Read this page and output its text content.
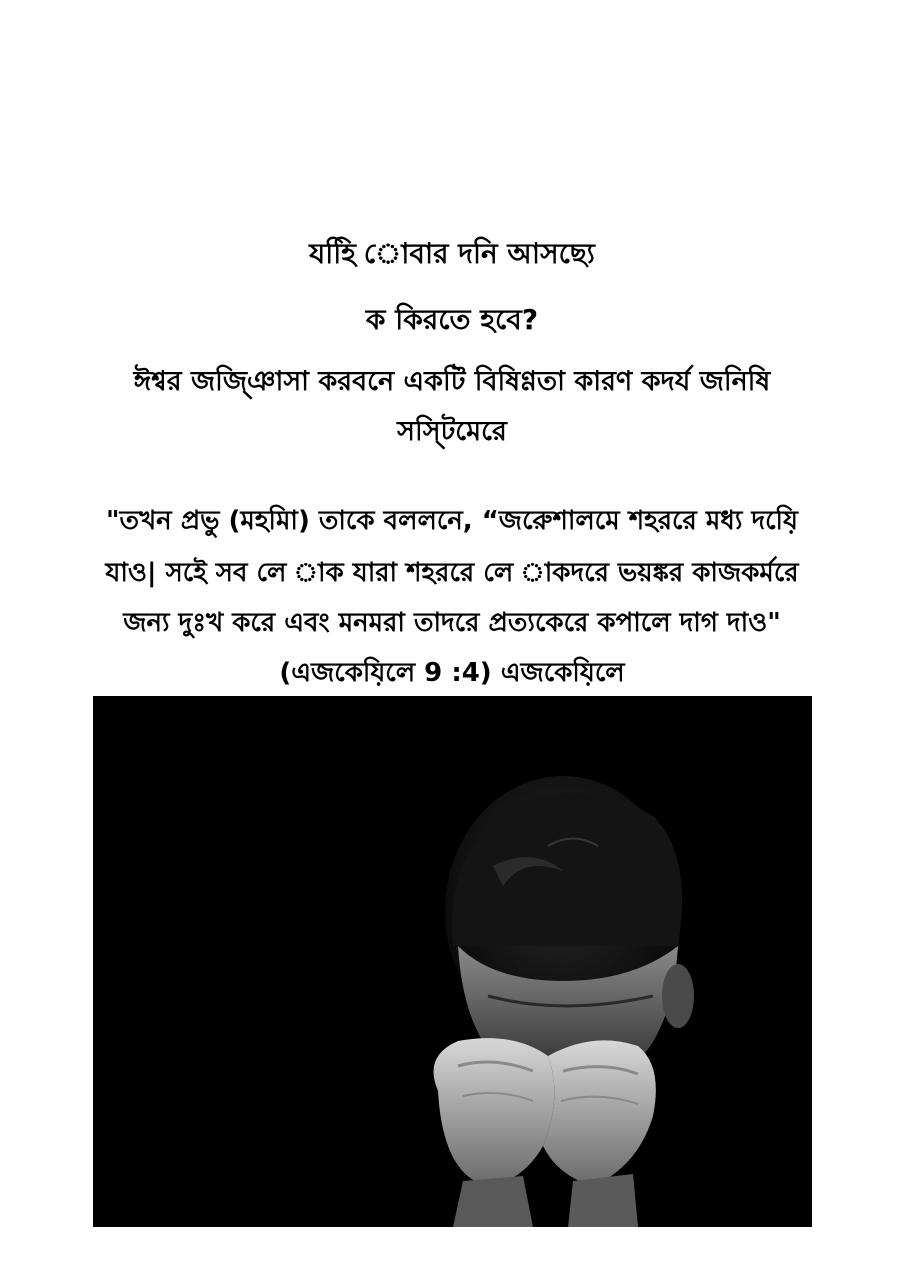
যহিি োবার দনি আসছ্যে
ক কিরতে হবে?
ঈশ্বর জজি্ঞাসা করবনে একটি বিষিণ্ণতা কারণ কদর্য জনিষি
সসি্টমেরে
"তখন প্রভু (মহমিা) তাকে বললনে, “জরেুশালমে শহররে মধ্য দযি়ে
যাও| সইে সব লে াক যারা শহররে লে াকদরে ভয়ঙ্কর কাজকর্মরে
জন্য দুঃখ করে এবং মনমরা তাদরে প্রত্যকেরে কপালে দাগ দাও"
(এজকেযি়লে 9 :4) এজকেযি়লে
